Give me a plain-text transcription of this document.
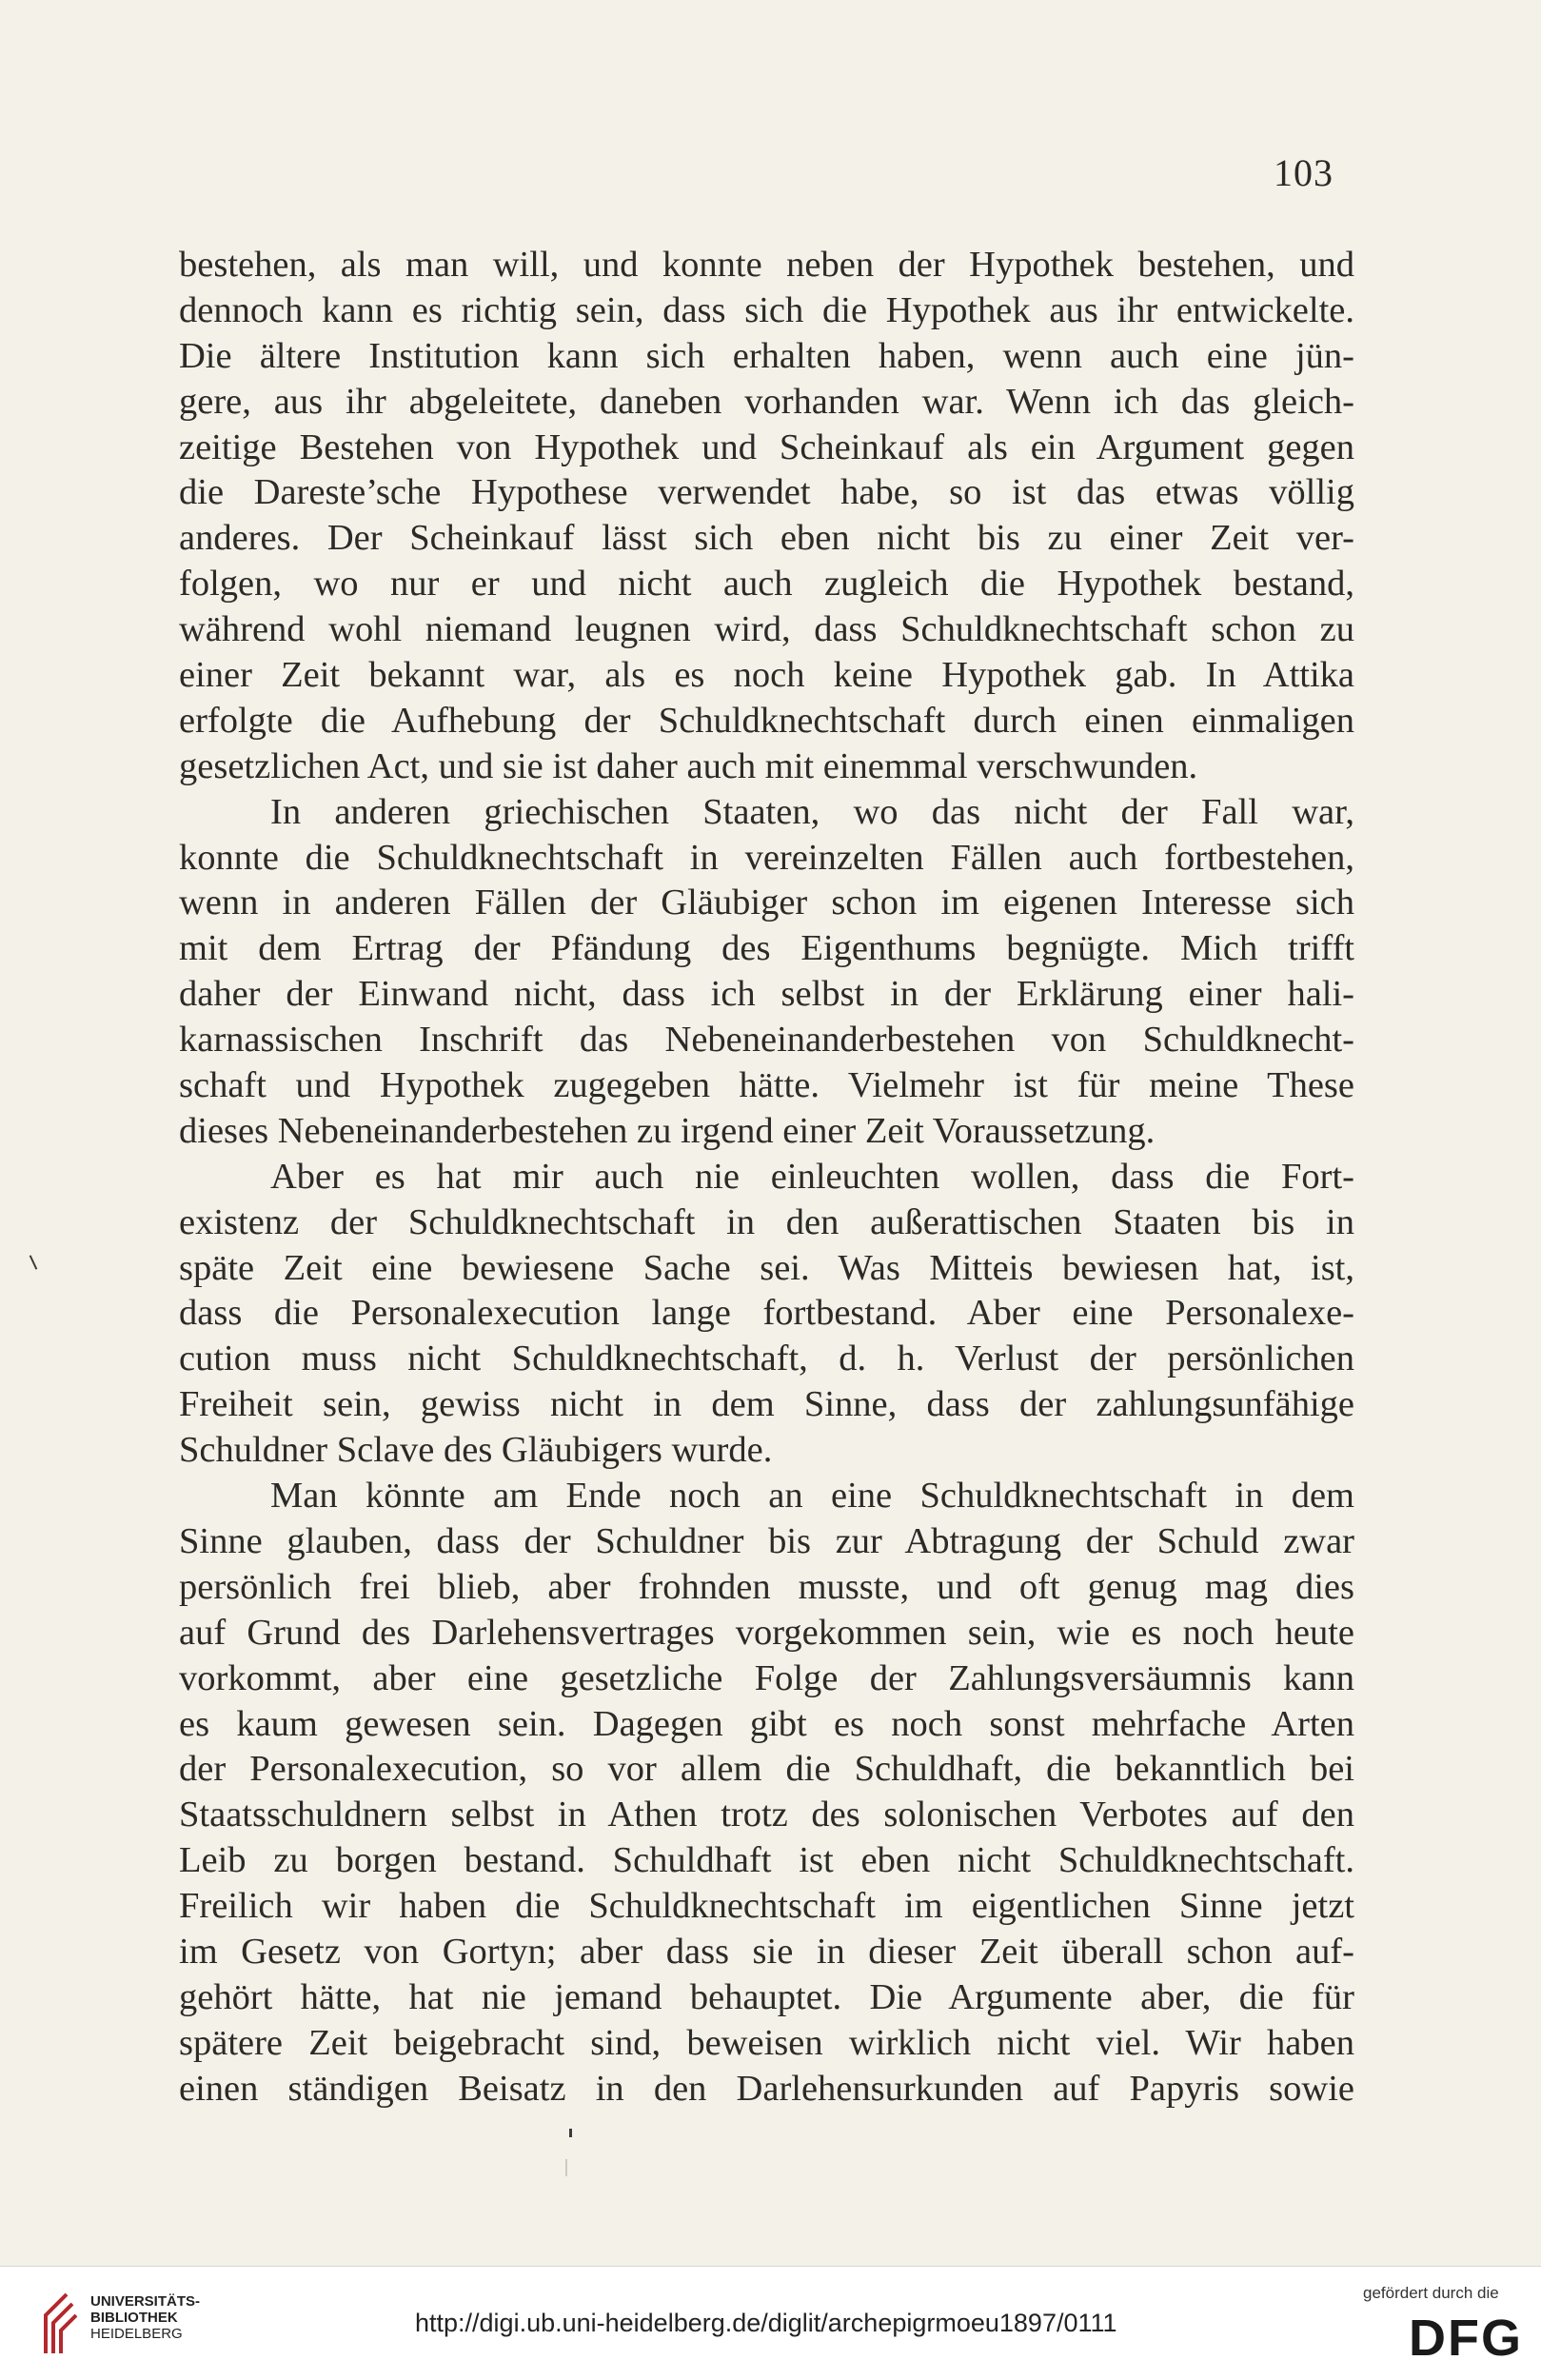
103
bestehen, als man will, und konnte neben der Hypothek bestehen, und
dennoch kann es richtig sein, dass sich die Hypothek aus ihr entwickelte.
Die ältere Institution kann sich erhalten haben, wenn auch eine jün-
gere, aus ihr abgeleitete, daneben vorhanden war. Wenn ich das gleich-
zeitige Bestehen von Hypothek und Scheinkauf als ein Argument gegen
die Dareste’sche Hypothese verwendet habe, so ist das etwas völlig
anderes. Der Scheinkauf lässt sich eben nicht bis zu einer Zeit ver-
folgen, wo nur er und nicht auch zugleich die Hypothek bestand,
während wohl niemand leugnen wird, dass Schuldknechtschaft schon zu
einer Zeit bekannt war, als es noch keine Hypothek gab. In Attika
erfolgte die Aufhebung der Schuldknechtschaft durch einen einmaligen
gesetzlichen Act, und sie ist daher auch mit einemmal verschwunden.
In anderen griechischen Staaten, wo das nicht der Fall war,
konnte die Schuldknechtschaft in vereinzelten Fällen auch fortbestehen,
wenn in anderen Fällen der Gläubiger schon im eigenen Interesse sich
mit dem Ertrag der Pfändung des Eigenthums begnügte. Mich trifft
daher der Einwand nicht, dass ich selbst in der Erklärung einer hali-
karnassischen Inschrift das Nebeneinanderbestehen von Schuldknecht-
schaft und Hypothek zugegeben hätte. Vielmehr ist für meine These
dieses Nebeneinanderbestehen zu irgend einer Zeit Voraussetzung.
Aber es hat mir auch nie einleuchten wollen, dass die Fort-
existenz der Schuldknechtschaft in den außerattischen Staaten bis in
späte Zeit eine bewiesene Sache sei. Was Mitteis bewiesen hat, ist,
dass die Personalexecution lange fortbestand. Aber eine Personalexe-
cution muss nicht Schuldknechtschaft, d. h. Verlust der persönlichen
Freiheit sein, gewiss nicht in dem Sinne, dass der zahlungsunfähige
Schuldner Sclave des Gläubigers wurde.
Man könnte am Ende noch an eine Schuldknechtschaft in dem
Sinne glauben, dass der Schuldner bis zur Abtragung der Schuld zwar
persönlich frei blieb, aber frohnden musste, und oft genug mag dies
auf Grund des Darlehensvertrages vorgekommen sein, wie es noch heute
vorkommt, aber eine gesetzliche Folge der Zahlungsversäumnis kann
es kaum gewesen sein. Dagegen gibt es noch sonst mehrfache Arten
der Personalexecution, so vor allem die Schuldhaft, die bekanntlich bei
Staatsschuldnern selbst in Athen trotz des solonischen Verbotes auf den
Leib zu borgen bestand. Schuldhaft ist eben nicht Schuldknechtschaft.
Freilich wir haben die Schuldknechtschaft im eigentlichen Sinne jetzt
im Gesetz von Gortyn; aber dass sie in dieser Zeit überall schon auf-
gehört hätte, hat nie jemand behauptet. Die Argumente aber, die für
spätere Zeit beigebracht sind, beweisen wirklich nicht viel. Wir haben
einen ständigen Beisatz in den Darlehensurkunden auf Papyris sowie
UNIVERSITÄTS-
BIBLIOTHEK
HEIDELBERG	http://digi.ub.uni-heidelberg.de/diglit/archepigrmoeu1897/0111
gefördert durch die
DFG
